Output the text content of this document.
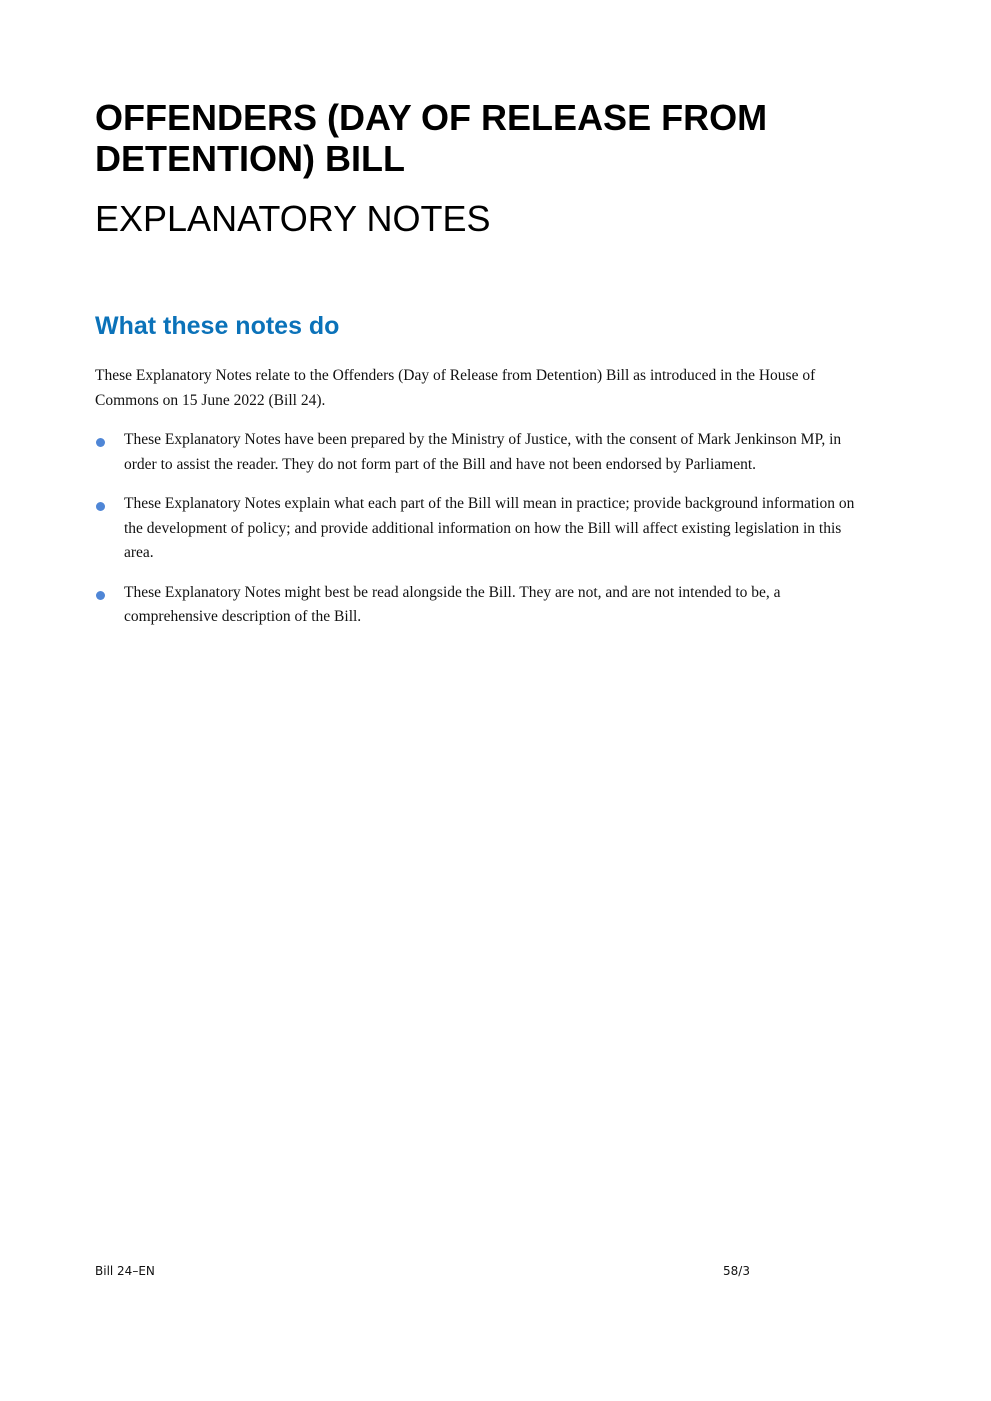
OFFENDERS (DAY OF RELEASE FROM DETENTION) BILL
EXPLANATORY NOTES
What these notes do

These Explanatory Notes relate to the Offenders (Day of Release from Detention) Bill as introduced in the House of Commons on 15 June 2022 (Bill 24).

These Explanatory Notes have been prepared by the Ministry of Justice, with the consent of Mark Jenkinson MP, in order to assist the reader. They do not form part of the Bill and have not been endorsed by Parliament.
These Explanatory Notes explain what each part of the Bill will mean in practice; provide background information on the development of policy; and provide additional information on how the Bill will affect existing legislation in this area.
These Explanatory Notes might best be read alongside the Bill. They are not, and are not intended to be, a comprehensive description of the Bill.
Bill 24–EN	58/3
